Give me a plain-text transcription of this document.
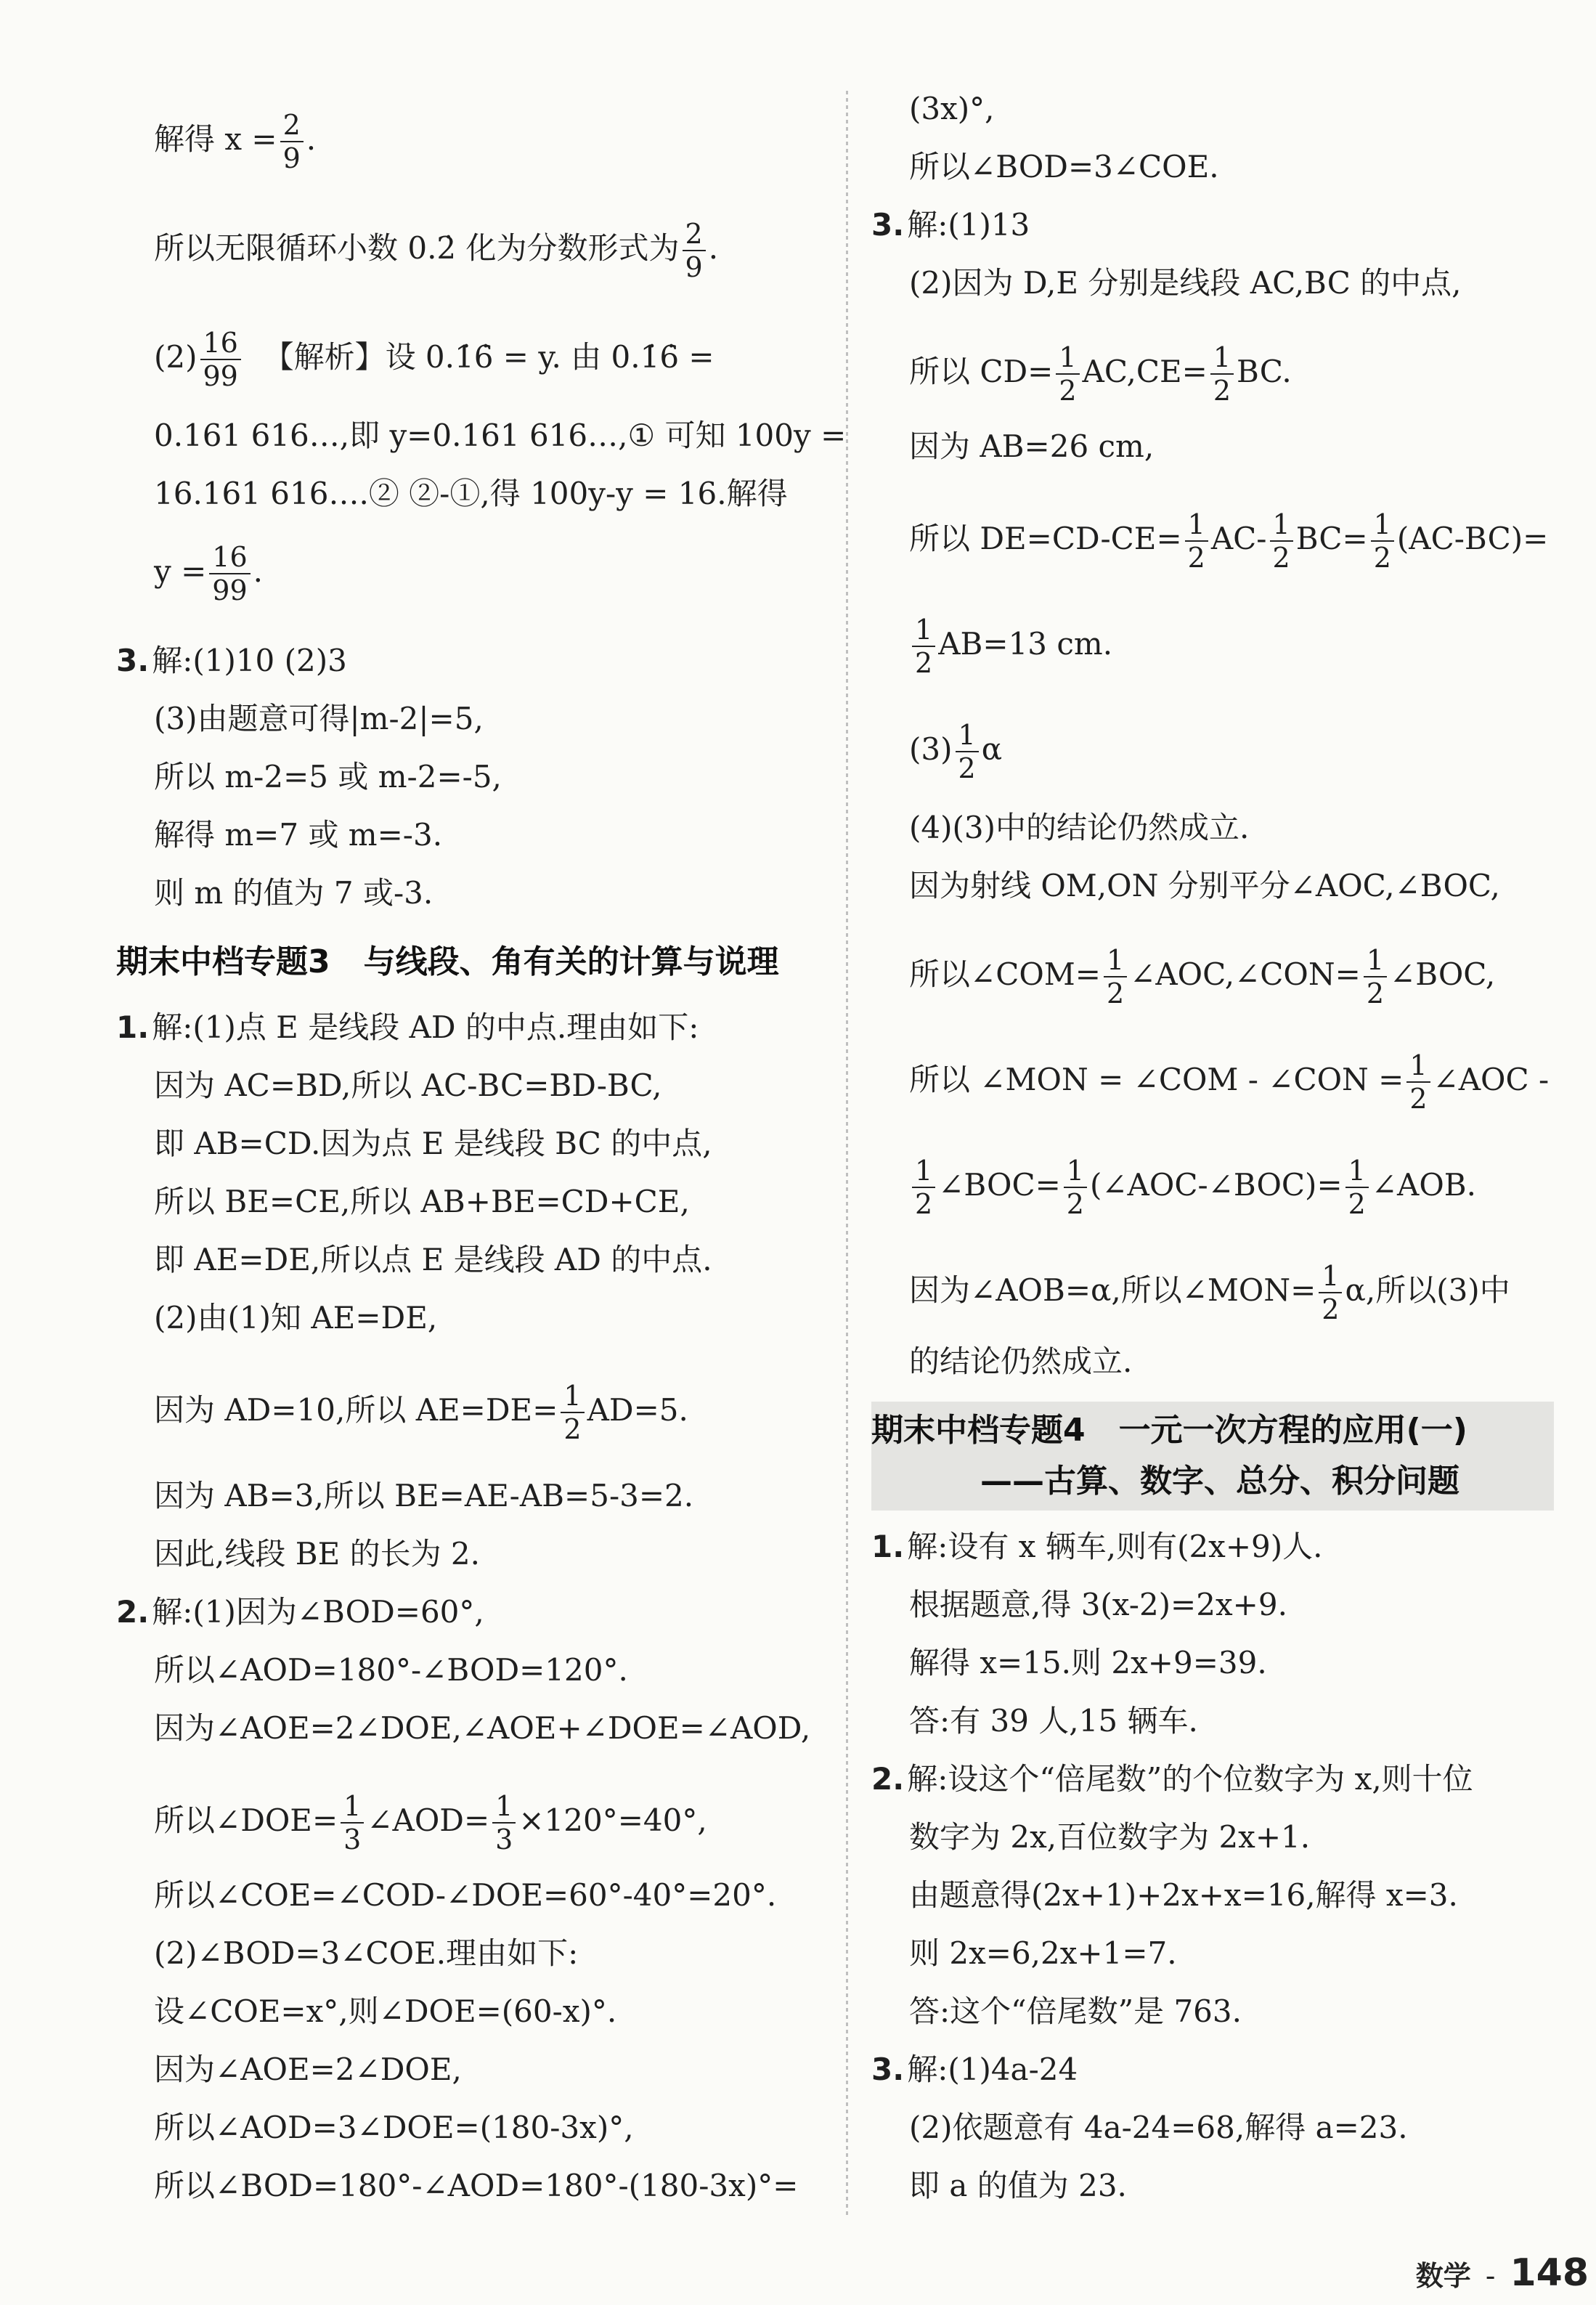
解得 $x = \frac{2}{9}$ .
所以无限循环小数 0.2̇ 化为分数形式为 $\frac{2}{9}$ .
$(2) \frac{16}{99}$ 【解析】设 0.1̇6̇ = y. 由 0.1̇6̇ =
0.161 616…,即 y=0.161 616…,① 可知 100y =
16.161 616….② ②-①,得 100y-y = 16.解得
$y = \frac{16}{99}$ .
3.解:(1)10 (2)3
(3)由题意可得|m-2|=5,
所以 m-2=5 或 m-2=-5,
解得 m=7 或 m=-3.
则 m 的值为 7 或-3.
期末中档专题3 与线段、角有关的计算与说理
1.解:(1)点 E 是线段 AD 的中点.理由如下:
因为 AC=BD,所以 AC-BC=BD-BC,
即 AB=CD.因为点 E 是线段 BC 的中点,
所以 BE=CE,所以 AB+BE=CD+CE,
即 AE=DE,所以点 E 是线段 AD 的中点.
(2)由(1)知 AE=DE,
因为 AD=10,所以 $AE=DE= \frac{1}{2} AD=5$.
因为 AB=3,所以 BE=AE-AB=5-3=2.
因此,线段 BE 的长为 2.
2.解:(1)因为∠BOD=60°,
所以∠AOD=180°-∠BOD=120°.
因为∠AOE=2∠DOE,∠AOE+∠DOE=∠AOD,
所以∠DOE= $\frac{1}{3}$ ∠AOD= $\frac{1}{3} \times 120^\circ=40^\circ$,
所以∠COE=∠COD-∠DOE=60°-40°=20°.
(2)∠BOD=3∠COE.理由如下:
设∠COE=x°,则∠DOE=(60-x)°.
因为∠AOE=2∠DOE,
所以∠AOD=3∠DOE=(180-3x)°,
所以∠BOD=180°-∠AOD=180°-(180-3x)°=
(3x)°,
所以∠BOD=3∠COE.
3.解:(1)13
(2)因为 D,E 分别是线段 AC,BC 的中点,
所以 $CD= \frac{1}{2} AC,CE= \frac{1}{2}$ BC.
因为 AB=26 cm,
所以 $DE=CD-CE= \frac{1}{2} AC- \frac{1}{2} BC= \frac{1}{2} (AC-BC)=$
$\frac{1}{2} AB=13$ cm.
$(3) \frac{1}{2}$ α
(4)(3)中的结论仍然成立.
因为射线 OM,ON 分别平分∠AOC,∠BOC,
所以∠COM= $\frac{1}{2}$ ∠AOC,∠CON= $\frac{1}{2}$ ∠BOC,
所以 ∠MON = ∠COM - ∠CON = $\frac{1}{2}$ ∠AOC -
$\frac{1}{2}$ ∠BOC= $\frac{1}{2}$ (∠AOC-∠BOC)= $\frac{1}{2}$ ∠AOB.
因为∠AOB=α,所以∠MON= $\frac{1}{2} \alpha$,所以(3)中
的结论仍然成立.
期末中档专题4 一元一次方程的应用(一)
——古算、数字、总分、积分问题
1.解:设有 x 辆车,则有(2x+9)人.
根据题意,得 3(x-2)=2x+9.
解得 x=15.则 2x+9=39.
答:有 39 人,15 辆车.
2.解:设这个“倍尾数”的个位数字为 x,则十位
数字为 2x,百位数字为 2x+1.
由题意得(2x+1)+2x+x=16,解得 x=3.
则 2x=6,2x+1=7.
答:这个“倍尾数”是 763.
3.解:(1)4a-24
(2)依题意有 4a-24=68,解得 a=23.
即 a 的值为 23.
数学 - 148
